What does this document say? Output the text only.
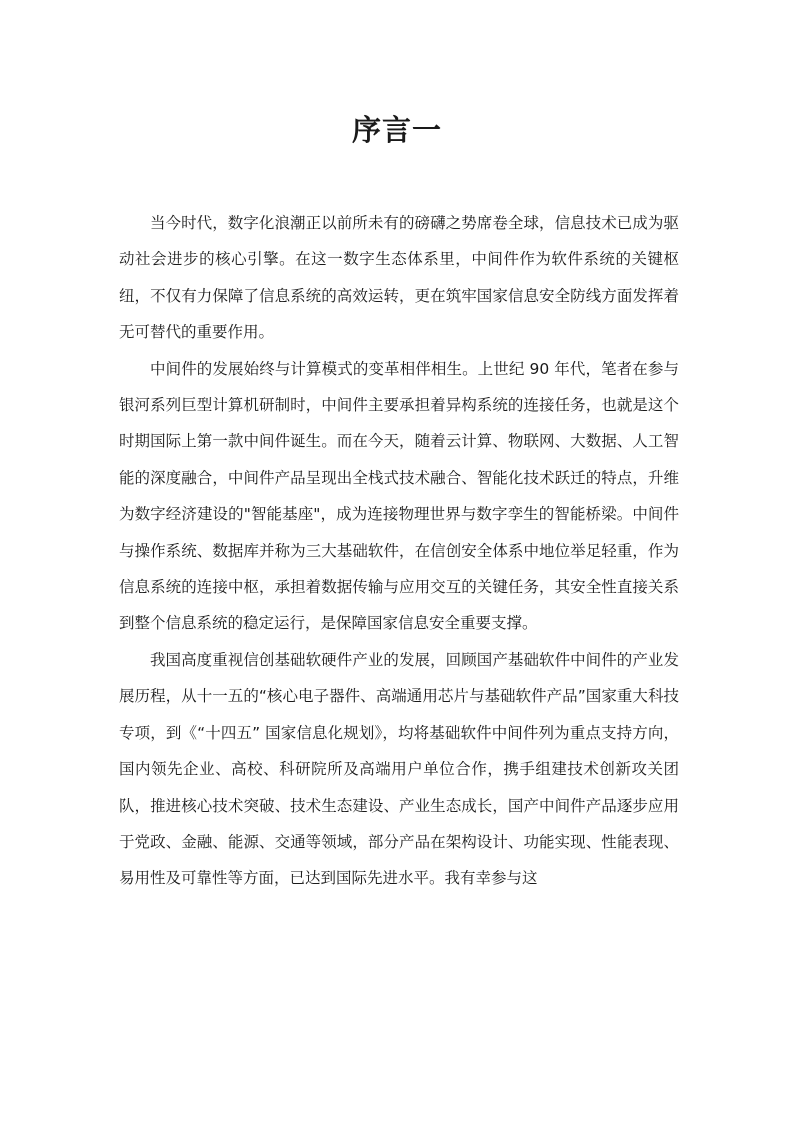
序言一

当今时代，数字化浪潮正以前所未有的磅礴之势席卷全球，信息技术已成为驱动社会进步的核心引擎。在这一数字生态体系里，中间件作为软件系统的关键枢纽，不仅有力保障了信息系统的高效运转，更在筑牢国家信息安全防线方面发挥着无可替代的重要作用。

中间件的发展始终与计算模式的变革相伴相生。上世纪 90 年代，笔者在参与银河系列巨型计算机研制时，中间件主要承担着异构系统的连接任务，也就是这个时期国际上第一款中间件诞生。而在今天，随着云计算、物联网、大数据、人工智能的深度融合，中间件产品呈现出全栈式技术融合、智能化技术跃迁的特点，升维为数字经济建设的"智能基座"，成为连接物理世界与数字孪生的智能桥梁。中间件与操作系统、数据库并称为三大基础软件，在信创安全体系中地位举足轻重，作为信息系统的连接中枢，承担着数据传输与应用交互的关键任务，其安全性直接关系到整个信息系统的稳定运行，是保障国家信息安全重要支撑。

我国高度重视信创基础软硬件产业的发展，回顾国产基础软件中间件的产业发展历程，从十一五的“核心电子器件、高端通用芯片与基础软件产品”国家重大科技专项，到《“十四五” 国家信息化规划》，均将基础软件中间件列为重点支持方向，国内领先企业、高校、科研院所及高端用户单位合作，携手组建技术创新攻关团队，推进核心技术突破、技术生态建设、产业生态成长，国产中间件产品逐步应用于党政、金融、能源、交通等领域，部分产品在架构设计、功能实现、性能表现、易用性及可靠性等方面，已达到国际先进水平。我有幸参与这
